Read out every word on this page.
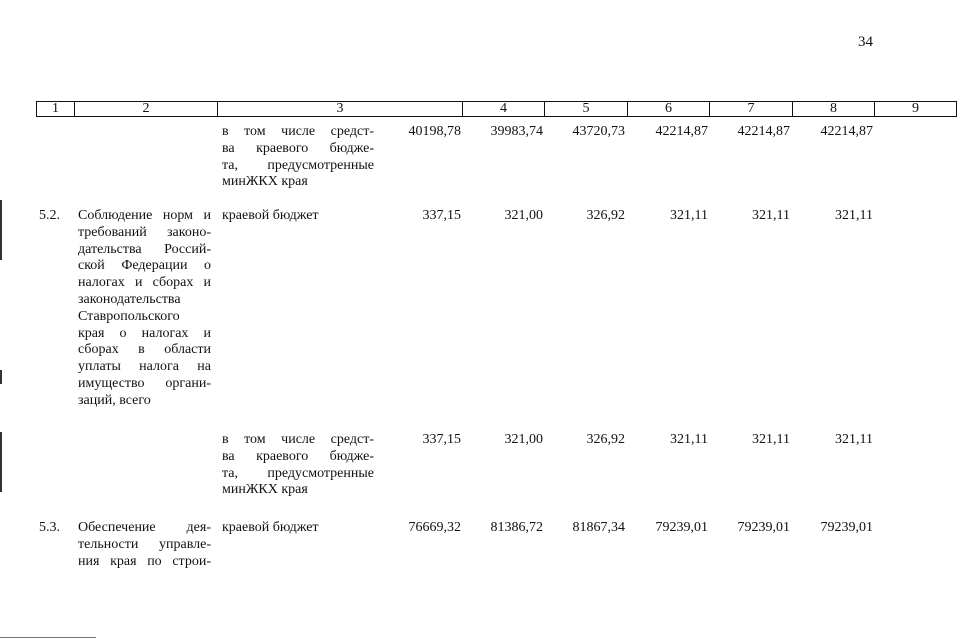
34
1	2	3	4	5	6	7	8	9

в том числе средст-
ва краевого бюдже-
та, предусмотренные
минЖКХ края
40198,78 39983,74 43720,73 42214,87 42214,87 42214,87
5.2. Соблюдение норм и
требований законо-
дательства Россий-
ской Федерации о
налогах и сборах и
законодательства
Ставропольского
края о налогах и
сборах в области
уплаты налога на
имущество органи-
заций, всего
краевой бюджет	337,15	321,00	326,92	321,11	321,11	321,11
в том числе средст-
ва краевого бюдже-
та, предусмотренные
минЖКХ края
337,15	321,00	326,92	321,11	321,11	321,11
5.3. Обеспечение дея-
тельности управле-
ния края по строи-
краевой бюджет	76669,32 81386,72 81867,34 79239,01 79239,01 79239,01
